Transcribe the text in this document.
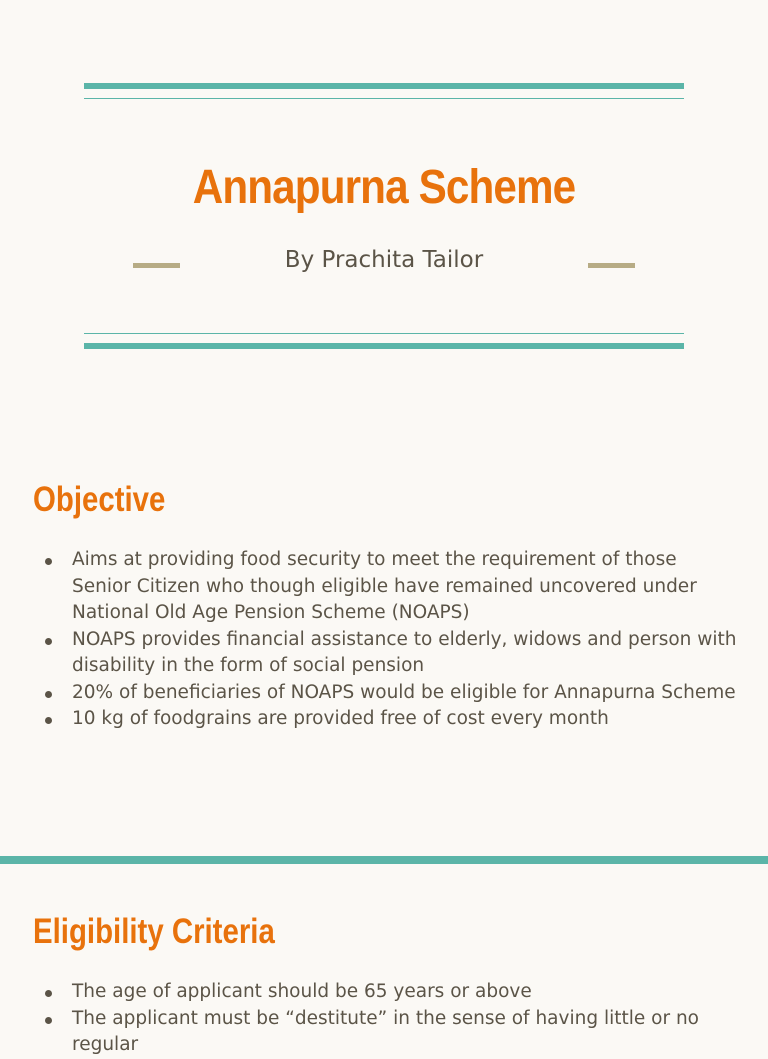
Annapurna Scheme
By Prachita Tailor
Objective
Aims at providing food security to meet the requirement of those Senior Citizen who though eligible have remained uncovered under National Old Age Pension Scheme (NOAPS)
NOAPS provides financial assistance to elderly, widows and person with disability in the form of social pension
20% of beneficiaries of NOAPS would be eligible for Annapurna Scheme
10 kg of foodgrains are provided free of cost every month
Eligibility Criteria
The age of applicant should be 65 years or above
The applicant must be “destitute” in the sense of having little or no regular
